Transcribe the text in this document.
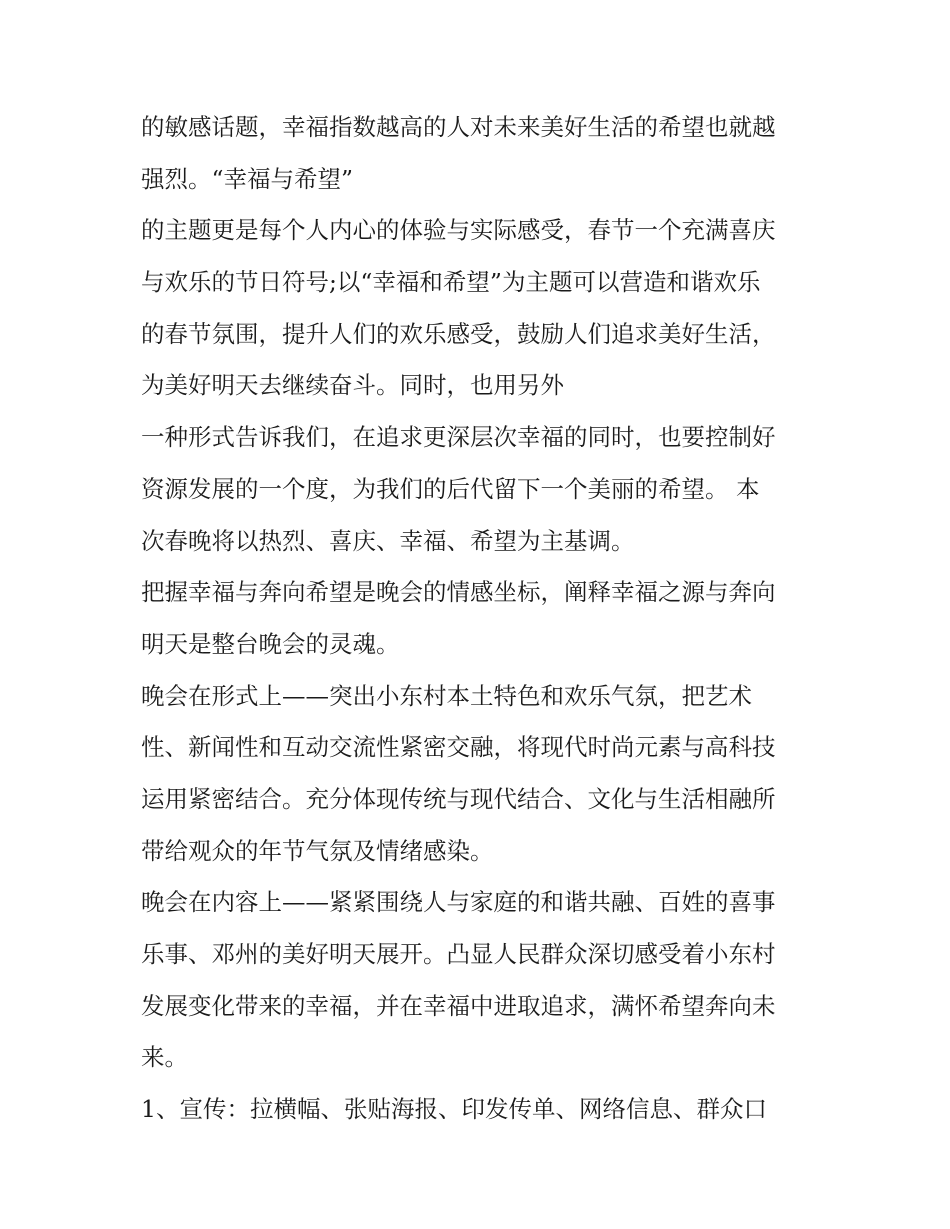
的敏感话题，幸福指数越高的人对未来美好生活的希望也就越
强烈。“幸福与希望”
的主题更是每个人内心的体验与实际感受，春节一个充满喜庆
与欢乐的节日符号;以“幸福和希望”为主题可以营造和谐欢乐
的春节氛围，提升人们的欢乐感受，鼓励人们追求美好生活，
为美好明天去继续奋斗。同时，也用另外
一种形式告诉我们，在追求更深层次幸福的同时，也要控制好
资源发展的一个度，为我们的后代留下一个美丽的希望。 本
次春晚将以热烈、喜庆、幸福、希望为主基调。
把握幸福与奔向希望是晚会的情感坐标，阐释幸福之源与奔向
明天是整台晚会的灵魂。
晚会在形式上——突出小东村本土特色和欢乐气氛，把艺术
性、新闻性和互动交流性紧密交融，将现代时尚元素与高科技
运用紧密结合。充分体现传统与现代结合、文化与生活相融所
带给观众的年节气氛及情绪感染。
晚会在内容上——紧紧围绕人与家庭的和谐共融、百姓的喜事
乐事、邓州的美好明天展开。凸显人民群众深切感受着小东村
发展变化带来的幸福，并在幸福中进取追求，满怀希望奔向未
来。
1、宣传：拉横幅、张贴海报、印发传单、网络信息、群众口
